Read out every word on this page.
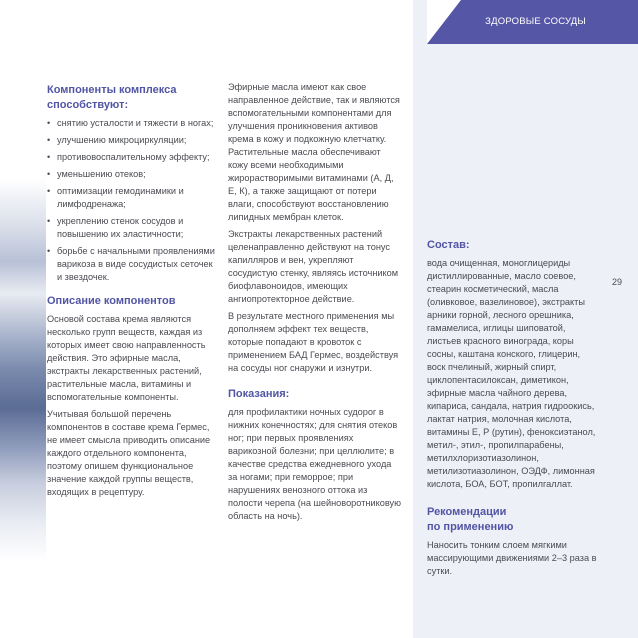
ЗДОРОВЫЕ СОСУДЫ
Компоненты комплекса
способствуют:
• снятию усталости и тяжести в ногах;
• улучшению микроциркуляции;
• противовоспалительному эффекту;
• уменьшению отеков;
• оптимизации гемодинамики и лимфодренажа;
• укреплению стенок сосудов и повышению их эластичности;
• борьбе с начальными проявлениями варикоза в виде сосудистых сеточек и звездочек.
Описание компонентов

Основой состава крема являются несколько групп веществ, каждая из которых имеет свою направленность действия. Это эфирные масла, экстракты лекарственных растений, растительные масла, витамины и вспомогательные компоненты.

Учитывая большой перечень компонентов в составе крема Гермес, не имеет смысла приводить описание каждого отдельного компонента, поэтому опишем функциональное значение каждой группы веществ, входящих в рецептуру.

Эфирные масла имеют как свое направленное действие, так и являются вспомогательными компонентами для улучшения проникновения активов крема в кожу и подкожную клетчатку. Растительные масла обеспечивают кожу всеми необходимыми жирорастворимыми витаминами (А, Д, Е, К), а также защищают от потери влаги, способствуют восстановлению липидных мембран клеток.

Экстракты лекарственных растений целенаправленно действуют на тонус капилляров и вен, укрепляют сосудистую стенку, являясь источником биофлавоноидов, имеющих ангиопротекторное действие.

В результате местного применения мы дополняем эффект тех веществ, которые попадают в кровоток с применением БАД Гермес, воздействуя на сосуды ног снаружи и изнутри.

Показания:

для профилактики ночных судорог в нижних конечностях; для снятия отеков ног; при первых проявлениях варикозной болезни; при целлюлите; в качестве средства ежедневного ухода за ногами; при геморрое; при нарушениях венозного оттока из полости черепа (на шейноворотниковую область на ночь).

Состав:

вода очищенная, моноглицериды дистиллированные, масло соевое, стеарин косметический, масла (оливковое, вазелиновое), экстракты арники горной, лесного орешника, гамамелиса, иглицы шиповатой, листьев красного винограда, коры сосны, каштана конского, глицерин, воск пчелиный, жирный спирт, циклопентасилоксан, диметикон, эфирные масла чайного дерева, кипариса, сандала, натрия гидроокись, лактат натрия, молочная кислота, витамины Е, Р (рутин), феноксиэтанол, метил-, этил-, пропилпарабены, метилхлоризотиазолинон, метилизотиазолинон, ОЭДФ, лимонная кислота, БОА, БОТ, пропилгаллат.

Рекомендации
по применению

Наносить тонким слоем мягкими массирующими движениями 2–3 раза в сутки.

29
